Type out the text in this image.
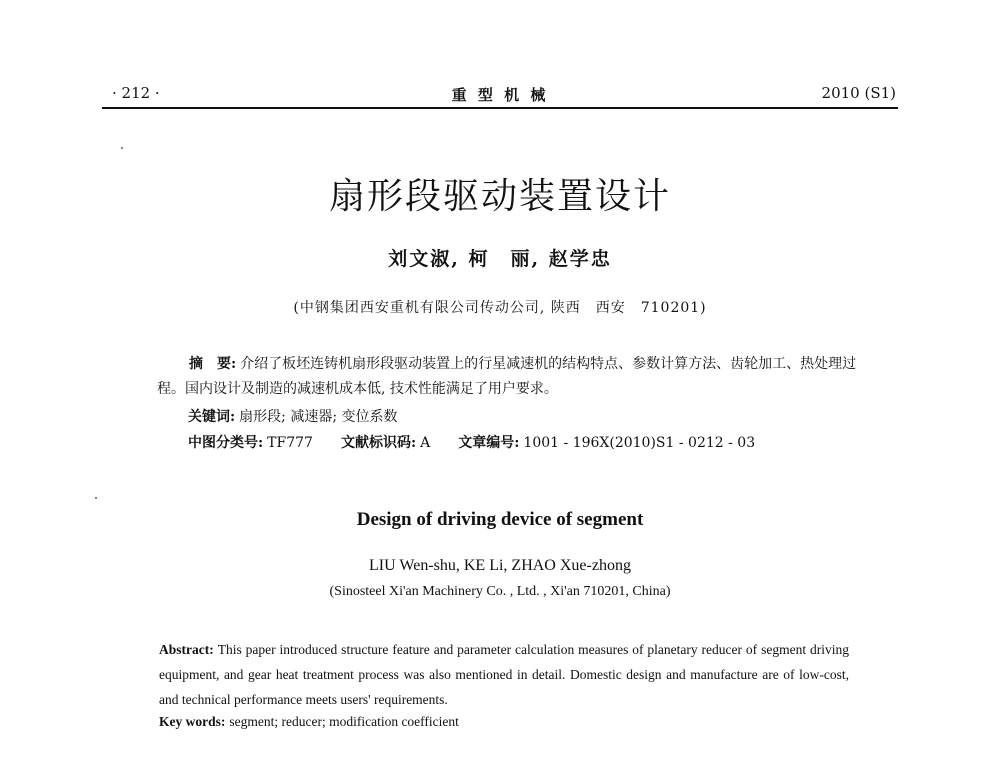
· 212 ·	重 型 机 械	2010 (S1)
扇形段驱动装置设计
刘文淑, 柯　丽, 赵学忠
(中钢集团西安重机有限公司传动公司, 陕西　西安　710201)
摘　要: 介绍了板坯连铸机扇形段驱动装置上的行星减速机的结构特点、参数计算方法、齿轮加工、热处理过程。国内设计及制造的减速机成本低, 技术性能满足了用户要求。
关键词: 扇形段; 减速器; 变位系数
中图分类号: TF777 文献标识码: A 文章编号: 1001 - 196X(2010)S1 - 0212 - 03
Design of driving device of segment
LIU Wen-shu, KE Li, ZHAO Xue-zhong
(Sinosteel Xi'an Machinery Co. , Ltd. , Xi'an 710201, China)
Abstract: This paper introduced structure feature and parameter calculation measures of planetary reducer of segment driving equipment, and gear heat treatment process was also mentioned in detail. Domestic design and manufacture are of low-cost, and technical performance meets users' requirements.
Key words: segment; reducer; modification coefficient
